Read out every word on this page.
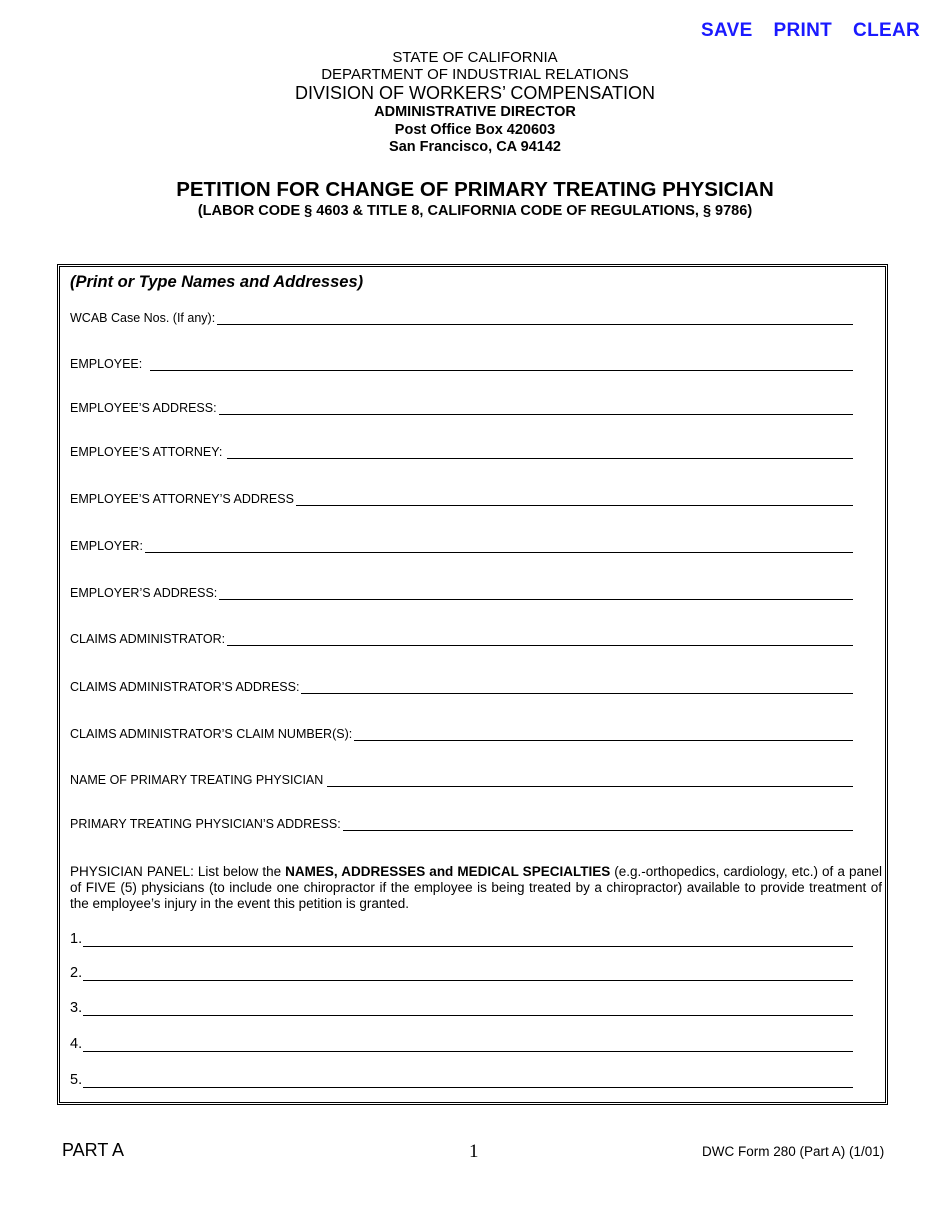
SAVE PRINT CLEAR
STATE OF CALIFORNIA
DEPARTMENT OF INDUSTRIAL RELATIONS
DIVISION OF WORKERS’ COMPENSATION
ADMINISTRATIVE DIRECTOR
Post Office Box 420603
San Francisco, CA 94142
PETITION FOR CHANGE OF PRIMARY TREATING PHYSICIAN
(LABOR CODE § 4603 & TITLE 8, CALIFORNIA CODE OF REGULATIONS, § 9786)
(Print or Type Names and Addresses)
WCAB Case Nos. (If any):
EMPLOYEE:
EMPLOYEE’S ADDRESS:
EMPLOYEE’S ATTORNEY:
EMPLOYEE’S ATTORNEY’S ADDRESS
EMPLOYER:
EMPLOYER’S ADDRESS:
CLAIMS ADMINISTRATOR:
CLAIMS ADMINISTRATOR’S ADDRESS:
CLAIMS ADMINISTRATOR’S CLAIM NUMBER(S):
NAME OF PRIMARY TREATING PHYSICIAN
PRIMARY TREATING PHYSICIAN’S ADDRESS:
PHYSICIAN PANEL: List below the NAMES, ADDRESSES and MEDICAL SPECIALTIES (e.g.-orthopedics, cardiology, etc.) of a panel of FIVE (5) physicians (to include one chiropractor if the employee is being treated by a chiropractor) available to provide treatment of the employee’s injury in the event this petition is granted.
1.
2.
3.
4.
5.
PART A	1	DWC Form 280 (Part A) (1/01)
